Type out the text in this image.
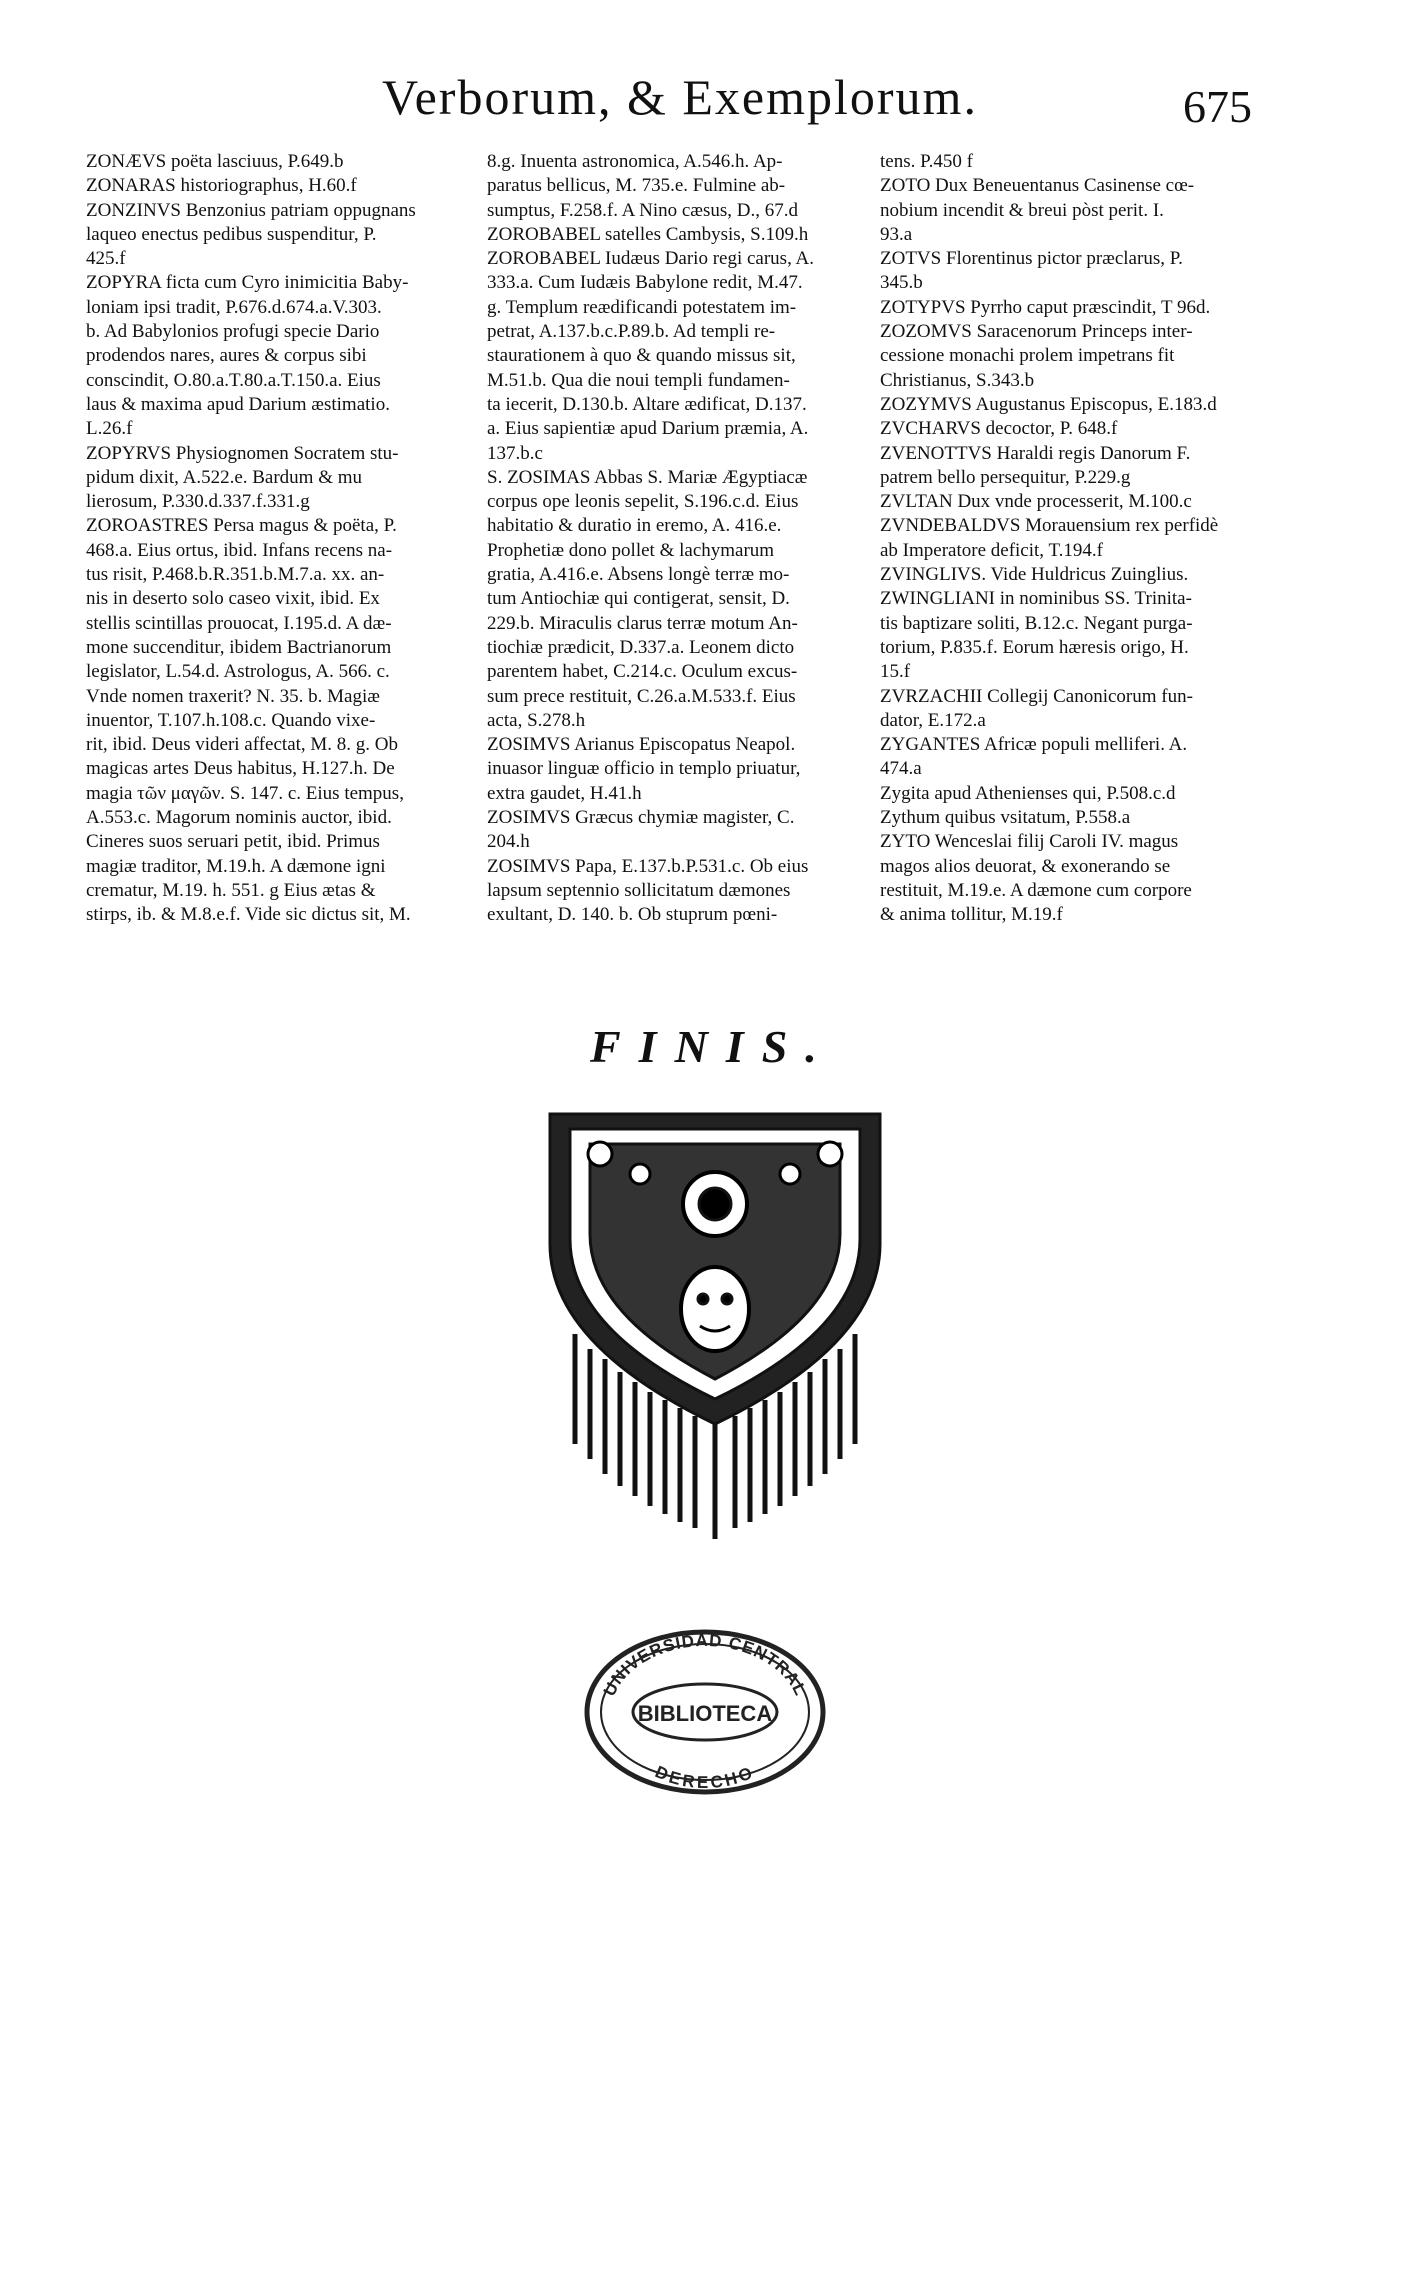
Verborum, & Exemplorum.	675
ZONÆVS poëta lasciuus, P.649.b
ZONARAS historiographus, H.60.f
ZONZINVS Benzonius patriam oppugnans
laqueo enectus pedibus suspenditur, P.
425.f
ZOPYRA ficta cum Cyro inimicitia Baby-
loniam ipsi tradit, P.676.d.674.a.V.303.
b. Ad Babylonios profugi specie Dario
prodendos nares, aures & corpus sibi
conscindit, O.80.a.T.80.a.T.150.a. Eius
laus & maxima apud Darium æstimatio.
L.26.f
ZOPYRVS Physiognomen Socratem stu-
pidum dixit, A.522.e. Bardum & mu
lierosum, P.330.d.337.f.331.g
ZOROASTRES Persa magus & poëta, P.
468.a. Eius ortus, ibid. Infans recens na-
tus risit, P.468.b.R.351.b.M.7.a. xx. an-
nis in deserto solo caseo vixit, ibid. Ex
stellis scintillas prouocat, I.195.d. A dæ-
mone succenditur, ibidem Bactrianorum
legislator, L.54.d. Astrologus, A. 566. c.
Vnde nomen traxerit? N. 35. b. Magiæ
inuentor, T.107.h.108.c. Quando vixe-
rit, ibid. Deus videri affectat, M. 8. g. Ob
magicas artes Deus habitus, H.127.h. De
magia τῶν μαγῶν. S. 147. c. Eius tempus,
A.553.c. Magorum nominis auctor, ibid.
Cineres suos seruari petit, ibid. Primus
magiæ traditor, M.19.h. A dæmone igni
crematur, M.19. h. 551. g Eius ætas &
stirps, ib. & M.8.e.f. Vide sic dictus sit, M.
8.g. Inuenta astronomica, A.546.h. Ap-
paratus bellicus, M. 735.e. Fulmine ab-
sumptus, F.258.f. A Nino cæsus, D., 67.d
ZOROBABEL satelles Cambysis, S.109.h
ZOROBABEL Iudæus Dario regi carus, A.
333.a. Cum Iudæis Babylone redit, M.47.
g. Templum reædificandi potestatem im-
petrat, A.137.b.c.P.89.b. Ad templi re-
staurationem à quo & quando missus sit,
M.51.b. Qua die noui templi fundamen-
ta iecerit, D.130.b. Altare ædificat, D.137.
a. Eius sapientiæ apud Darium præmia, A.
137.b.c
S. ZOSIMAS Abbas S. Mariæ Ægyptiacæ
corpus ope leonis sepelit, S.196.c.d. Eius
habitatio & duratio in eremo, A. 416.e.
Prophetiæ dono pollet & lachymarum
gratia, A.416.e. Absens longè terræ mo-
tum Antiochiæ qui contigerat, sensit, D.
229.b. Miraculis clarus terræ motum An-
tiochiæ prædicit, D.337.a. Leonem dicto
parentem habet, C.214.c. Oculum excus-
sum prece restituit, C.26.a.M.533.f. Eius
acta, S.278.h
ZOSIMVS Arianus Episcopatus Neapol.
inuasor linguæ officio in templo priuatur,
extra gaudet, H.41.h
ZOSIMVS Græcus chymiæ magister, C.
204.h
ZOSIMVS Papa, E.137.b.P.531.c. Ob eius
lapsum septennio sollicitatum dæmones
exultant, D. 140. b. Ob stuprum pœni-
tens. P.450 f
ZOTO Dux Beneuentanus Casinense cœ-
nobium incendit & breui pòst perit. I.
93.a
ZOTVS Florentinus pictor præclarus, P.
345.b
ZOTYPVS Pyrrho caput præscindit, T 96d.
ZOZOMVS Saracenorum Princeps inter-
cessione monachi prolem impetrans fit
Christianus, S.343.b
ZOZYMVS Augustanus Episcopus, E.183.d
ZVCHARVS decoctor, P. 648.f
ZVENOTTVS Haraldi regis Danorum F.
patrem bello persequitur, P.229.g
ZVLTAN Dux vnde processerit, M.100.c
ZVNDEBALDVS Morauensium rex perfidè
ab Imperatore deficit, T.194.f
ZVINGLIVS. Vide Huldricus Zuinglius.
ZWINGLIANI in nominibus SS. Trinita-
tis baptizare soliti, B.12.c. Negant purga-
torium, P.835.f. Eorum hæresis origo, H.
15.f
ZVRZACHII Collegij Canonicorum fun-
dator, E.172.a
ZYGANTES Africæ populi melliferi. A.
474.a
Zygita apud Athenienses qui, P.508.c.d
Zythum quibus vsitatum, P.558.a
ZYTO Wenceslai filij Caroli IV. magus
magos alios deuorat, & exonerando se
restituit, M.19.e. A dæmone cum corpore
& anima tollitur, M.19.f
FINIS.
UNIVERSIDAD CENTRAL
BIBLIOTECA
DERECHO
